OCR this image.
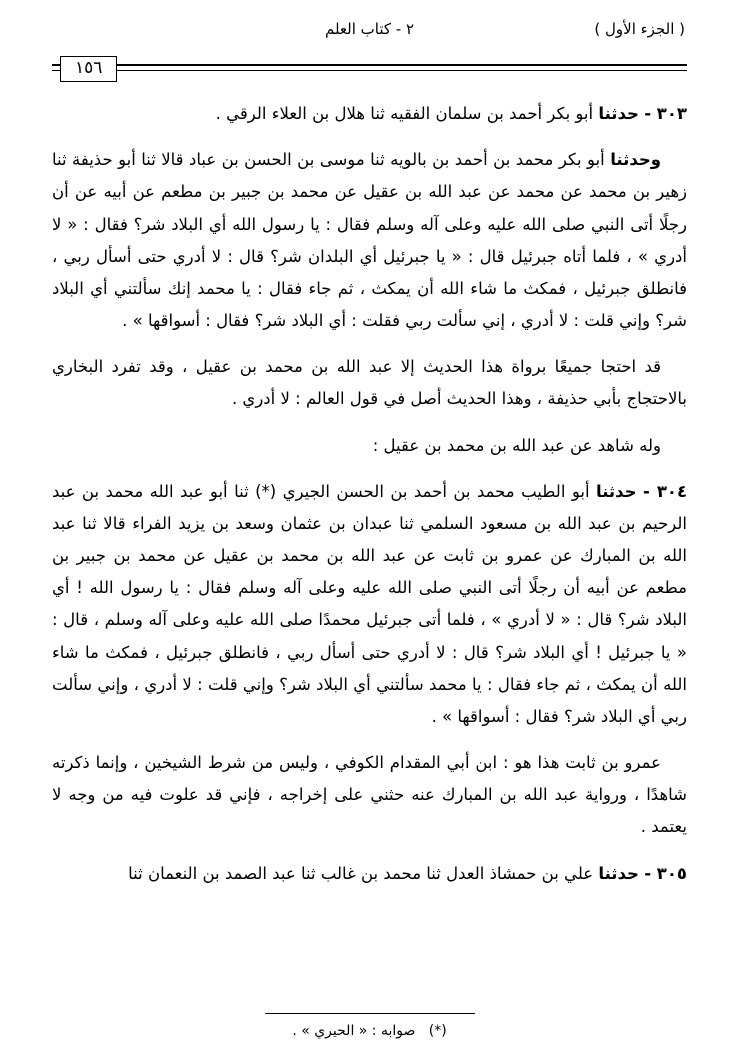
( الجزء الأول )
٢ - كتاب العلم
١٥٦

٣٠٣ - حدثنا أبو بكر أحمد بن سلمان الفقيه ثنا هلال بن العلاء الرقي .

وحدثنا أبو بكر محمد بن أحمد بن بالويه ثنا موسى بن الحسن بن عباد قالا ثنا أبو حذيفة ثنا زهير بن محمد عن محمد عن عبد الله بن عقيل عن محمد بن جبير بن مطعم عن أبيه عن أن رجلًا أتى النبي صلى الله عليه وعلى آله وسلم فقال : يا رسول الله أي البلاد شر؟ فقال : « لا أدري » ، فلما أتاه جبرئيل قال : « يا جبرئيل أي البلدان شر؟ قال : لا أدري حتى أسأل ربي ، فانطلق جبرئيل ، فمكث ما شاء الله أن يمكث ، ثم جاء فقال : يا محمد إنك سألتني أي البلاد شر؟ وإني قلت : لا أدري ، إني سألت ربي فقلت : أي البلاد شر؟ فقال : أسواقها » .

قد احتجا جميعًا برواة هذا الحديث إلا عبد الله بن محمد بن عقيل ، وقد تفرد البخاري بالاحتجاج بأبي حذيفة ، وهذا الحديث أصل في قول العالم : لا أدري .

وله شاهد عن عبد الله بن محمد بن عقيل :

٣٠٤ - حدثنا أبو الطيب محمد بن أحمد بن الحسن الجيري (*) ثنا أبو عبد الله محمد بن عبد الرحيم بن عبد الله بن مسعود السلمي ثنا عبدان بن عثمان وسعد بن يزيد الفراء قالا ثنا عبد الله بن المبارك عن عمرو بن ثابت عن عبد الله بن محمد بن عقيل عن محمد بن جبير بن مطعم عن أبيه أن رجلًا أتى النبي صلى الله عليه وعلى آله وسلم فقال : يا رسول الله ! أي البلاد شر؟ قال : « لا أدري » ، فلما أتى جبرئيل محمدًا صلى الله عليه وعلى آله وسلم ، قال : « يا جبرئيل ! أي البلاد شر؟ قال : لا أدري حتى أسأل ربي ، فانطلق جبرئيل ، فمكث ما شاء الله أن يمكث ، ثم جاء فقال : يا محمد سألتني أي البلاد شر؟ وإني قلت : لا أدري ، وإني سألت ربي أي البلاد شر؟ فقال : أسواقها » .

عمرو بن ثابت هذا هو : ابن أبي المقدام الكوفي ، وليس من شرط الشيخين ، وإنما ذكرته شاهدًا ، ورواية عبد الله بن المبارك عنه حثني على إخراجه ، فإني قد علوت فيه من وجه لا يعتمد .

٣٠٥ - حدثنا علي بن حمشاذ العدل ثنا محمد بن غالب ثنا عبد الصمد بن النعمان ثنا

(*)   صوابه : « الحيري » .
